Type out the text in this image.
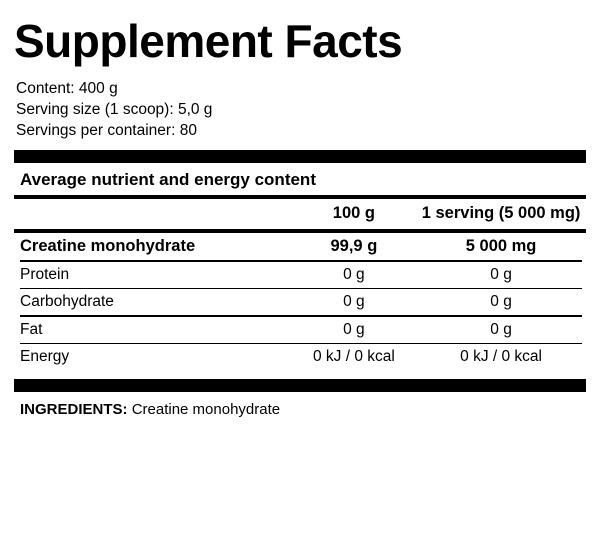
Supplement Facts
Content: 400 g
Serving size (1 scoop): 5,0 g
Servings per container: 80
Average nutrient and energy content
	100 g	1 serving (5 000 mg)
Creatine monohydrate	99,9 g	5 000 mg
Protein	0 g	0 g
Carbohydrate	0 g	0 g
Fat	0 g	0 g
Energy	0 kJ / 0 kcal	0 kJ / 0 kcal
INGREDIENTS: Creatine monohydrate
